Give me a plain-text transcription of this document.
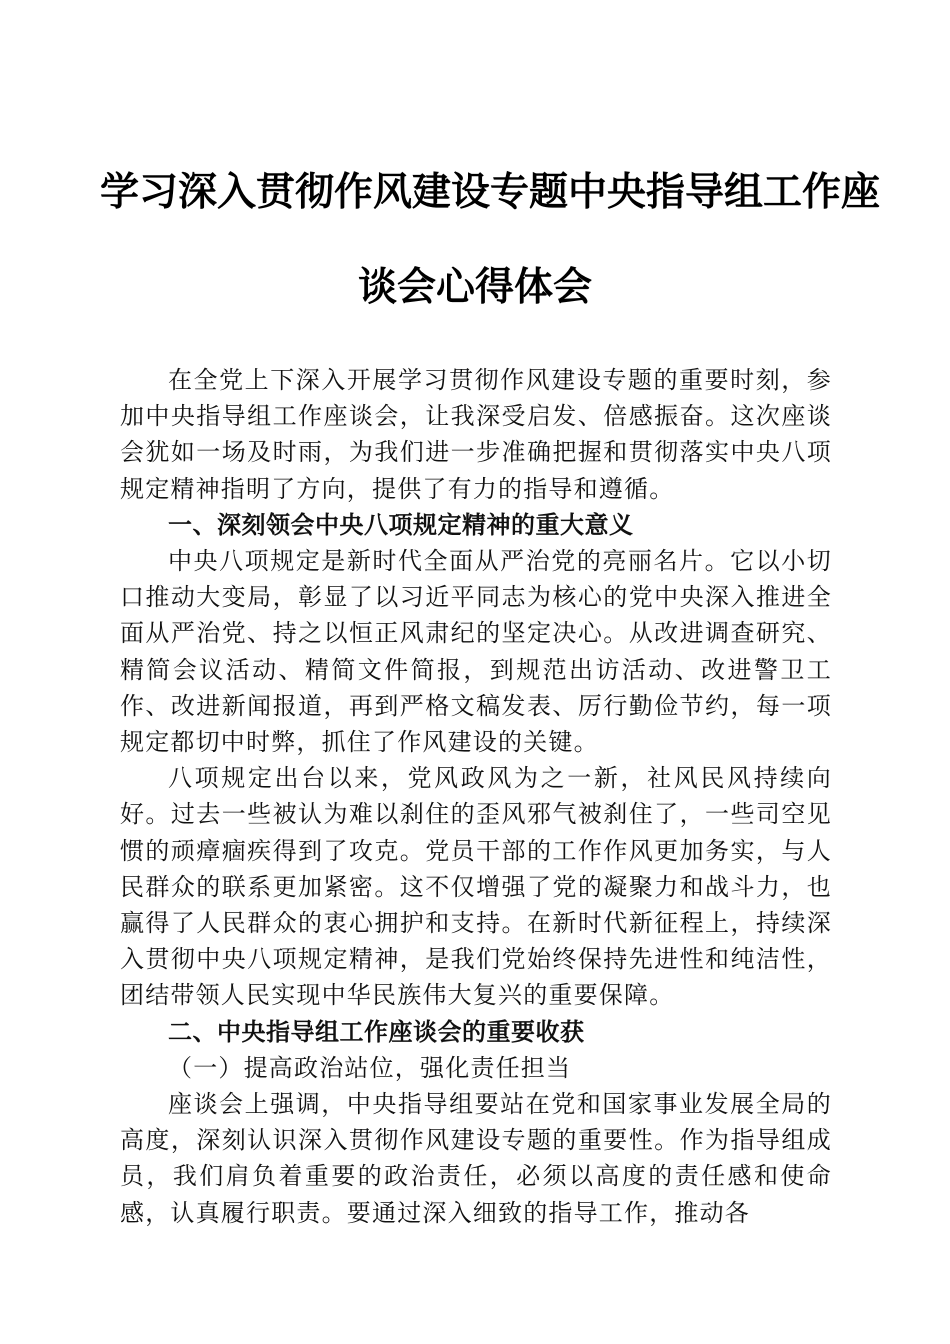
学习深入贯彻作风建设专题中央指导组工作座
谈会心得体会

在全党上下深入开展学习贯彻作风建设专题的重要时刻，参加中央指导组工作座谈会，让我深受启发、倍感振奋。这次座谈会犹如一场及时雨，为我们进一步准确把握和贯彻落实中央八项规定精神指明了方向，提供了有力的指导和遵循。

一、深刻领会中央八项规定精神的重大意义

中央八项规定是新时代全面从严治党的亮丽名片。它以小切口推动大变局，彰显了以习近平同志为核心的党中央深入推进全面从严治党、持之以恒正风肃纪的坚定决心。从改进调查研究、精简会议活动、精简文件简报，到规范出访活动、改进警卫工作、改进新闻报道，再到严格文稿发表、厉行勤俭节约，每一项规定都切中时弊，抓住了作风建设的关键。

八项规定出台以来，党风政风为之一新，社风民风持续向好。过去一些被认为难以刹住的歪风邪气被刹住了，一些司空见惯的顽瘴痼疾得到了攻克。党员干部的工作作风更加务实，与人民群众的联系更加紧密。这不仅增强了党的凝聚力和战斗力，也赢得了人民群众的衷心拥护和支持。在新时代新征程上，持续深入贯彻中央八项规定精神，是我们党始终保持先进性和纯洁性，团结带领人民实现中华民族伟大复兴的重要保障。

二、中央指导组工作座谈会的重要收获

（一）提高政治站位，强化责任担当

座谈会上强调，中央指导组要站在党和国家事业发展全局的高度，深刻认识深入贯彻作风建设专题的重要性。作为指导组成员，我们肩负着重要的政治责任，必须以高度的责任感和使命感，认真履行职责。要通过深入细致的指导工作，推动各
